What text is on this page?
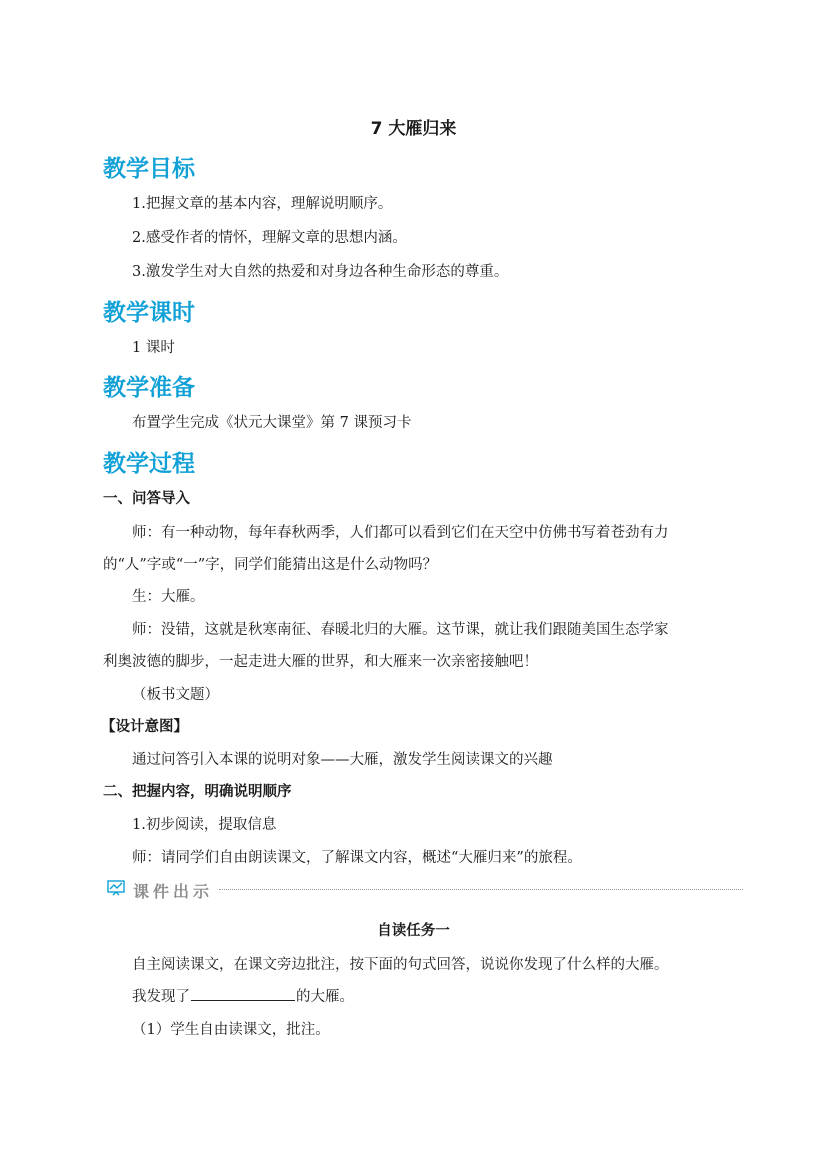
7 大雁归来
教学目标
1.把握文章的基本内容，理解说明顺序。
2.感受作者的情怀，理解文章的思想内涵。
3.激发学生对大自然的热爱和对身边各种生命形态的尊重。
教学课时
1 课时
教学准备
布置学生完成《状元大课堂》第 7 课预习卡
教学过程
一、问答导入
师：有一种动物，每年春秋两季，人们都可以看到它们在天空中仿佛书写着苍劲有力
的“人”字或“一”字，同学们能猜出这是什么动物吗？
生：大雁。
师：没错，这就是秋寒南征、春暖北归的大雁。这节课，就让我们跟随美国生态学家
利奥波德的脚步，一起走进大雁的世界，和大雁来一次亲密接触吧！
（板书文题）
【设计意图】
通过问答引入本课的说明对象——大雁，激发学生阅读课文的兴趣
二、把握内容，明确说明顺序
1.初步阅读，提取信息
师：请同学们自由朗读课文，了解课文内容，概述“大雁归来”的旅程。
课件出示
自读任务一
自主阅读课文，在课文旁边批注，按下面的句式回答，说说你发现了什么样的大雁。
我发现了	的大雁。
（1）学生自由读课文，批注。
